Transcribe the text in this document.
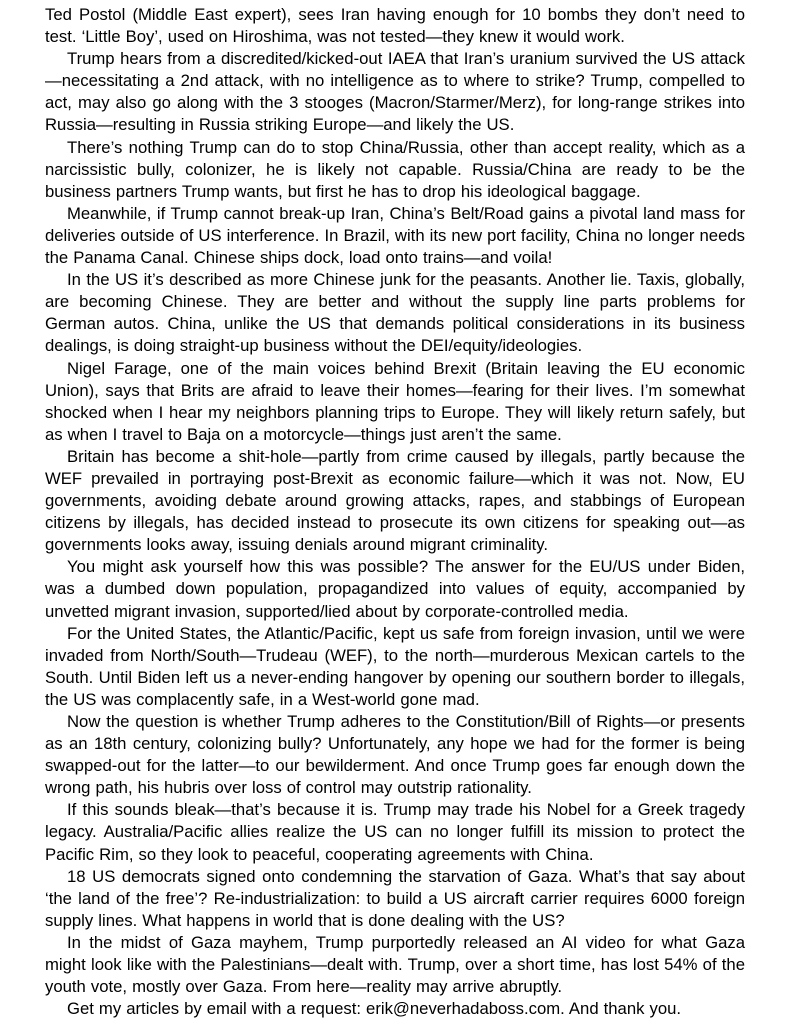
Ted Postol (Middle East expert), sees Iran having enough for 10 bombs they don’t need to test. ‘Little Boy’, used on Hiroshima, was not tested—they knew it would work.

Trump hears from a discredited/kicked-out IAEA that Iran’s uranium survived the US attack—necessitating a 2nd attack, with no intelligence as to where to strike? Trump, compelled to act, may also go along with the 3 stooges (Macron/Starmer/Merz), for long-range strikes into Russia—resulting in Russia striking Europe—and likely the US.

There’s nothing Trump can do to stop China/Russia, other than accept reality, which as a narcissistic bully, colonizer, he is likely not capable. Russia/China are ready to be the business partners Trump wants, but first he has to drop his ideological baggage.

Meanwhile, if Trump cannot break-up Iran, China’s Belt/Road gains a pivotal land mass for deliveries outside of US interference. In Brazil, with its new port facility, China no longer needs the Panama Canal. Chinese ships dock, load onto trains—and voila!

In the US it’s described as more Chinese junk for the peasants. Another lie. Taxis, globally, are becoming Chinese. They are better and without the supply line parts problems for German autos. China, unlike the US that demands political considerations in its business dealings, is doing straight-up business without the DEI/equity/ideologies.

Nigel Farage, one of the main voices behind Brexit (Britain leaving the EU economic Union), says that Brits are afraid to leave their homes—fearing for their lives. I’m somewhat shocked when I hear my neighbors planning trips to Europe. They will likely return safely, but as when I travel to Baja on a motorcycle—things just aren’t the same.

Britain has become a shit-hole—partly from crime caused by illegals, partly because the WEF prevailed in portraying post-Brexit as economic failure—which it was not. Now, EU governments, avoiding debate around growing attacks, rapes, and stabbings of European citizens by illegals, has decided instead to prosecute its own citizens for speaking out—as governments looks away, issuing denials around migrant criminality.

You might ask yourself how this was possible? The answer for the EU/US under Biden, was a dumbed down population, propagandized into values of equity, accompanied by unvetted migrant invasion, supported/lied about by corporate-controlled media.

For the United States, the Atlantic/Pacific, kept us safe from foreign invasion, until we were invaded from North/South—Trudeau (WEF), to the north—murderous Mexican cartels to the South. Until Biden left us a never-ending hangover by opening our southern border to illegals, the US was complacently safe, in a West-world gone mad.

Now the question is whether Trump adheres to the Constitution/Bill of Rights—or presents as an 18th century, colonizing bully? Unfortunately, any hope we had for the former is being swapped-out for the latter—to our bewilderment. And once Trump goes far enough down the wrong path, his hubris over loss of control may outstrip rationality.

If this sounds bleak—that’s because it is. Trump may trade his Nobel for a Greek tragedy legacy. Australia/Pacific allies realize the US can no longer fulfill its mission to protect the Pacific Rim, so they look to peaceful, cooperating agreements with China.

18 US democrats signed onto condemning the starvation of Gaza. What’s that say about ‘the land of the free’? Re-industrialization: to build a US aircraft carrier requires 6000 foreign supply lines. What happens in world that is done dealing with the US?

In the midst of Gaza mayhem, Trump purportedly released an AI video for what Gaza might look like with the Palestinians—dealt with. Trump, over a short time, has lost 54% of the youth vote, mostly over Gaza. From here—reality may arrive abruptly.

Get my articles by email with a request: erik@neverhadaboss.com. And thank you.
